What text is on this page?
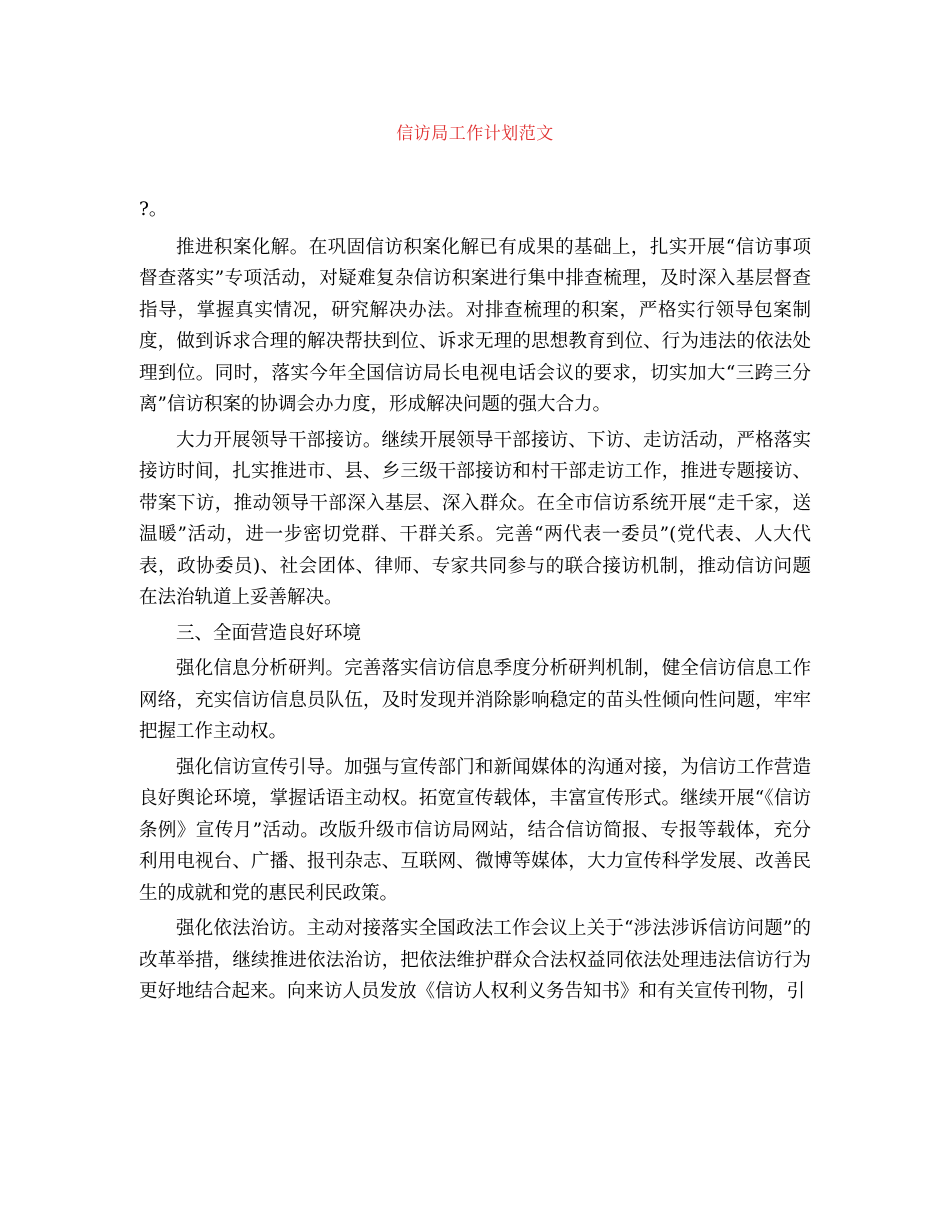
信访局工作计划范文

?。

推进积案化解。在巩固信访积案化解已有成果的基础上，扎实开展“信访事项督查落实”专项活动，对疑难复杂信访积案进行集中排查梳理，及时深入基层督查指导，掌握真实情况，研究解决办法。对排查梳理的积案，严格实行领导包案制度，做到诉求合理的解决帮扶到位、诉求无理的思想教育到位、行为违法的依法处理到位。同时，落实今年全国信访局长电视电话会议的要求，切实加大“三跨三分离”信访积案的协调会办力度，形成解决问题的强大合力。

大力开展领导干部接访。继续开展领导干部接访、下访、走访活动，严格落实接访时间，扎实推进市、县、乡三级干部接访和村干部走访工作，推进专题接访、带案下访，推动领导干部深入基层、深入群众。在全市信访系统开展“走千家，送温暖”活动，进一步密切党群、干群关系。完善“两代表一委员”(党代表、人大代表，政协委员)、社会团体、律师、专家共同参与的联合接访机制，推动信访问题在法治轨道上妥善解决。

三、全面营造良好环境

强化信息分析研判。完善落实信访信息季度分析研判机制，健全信访信息工作网络，充实信访信息员队伍，及时发现并消除影响稳定的苗头性倾向性问题，牢牢把握工作主动权。

强化信访宣传引导。加强与宣传部门和新闻媒体的沟通对接，为信访工作营造良好舆论环境，掌握话语主动权。拓宽宣传载体，丰富宣传形式。继续开展“《信访条例》宣传月”活动。改版升级市信访局网站，结合信访简报、专报等载体，充分利用电视台、广播、报刊杂志、互联网、微博等媒体，大力宣传科学发展、改善民生的成就和党的惠民利民政策。

强化依法治访。主动对接落实全国政法工作会议上关于“涉法涉诉信访问题”的改革举措，继续推进依法治访，把依法维护群众合法权益同依法处理违法信访行为更好地结合起来。向来访人员发放《信访人权利义务告知书》和有关宣传刊物，引
